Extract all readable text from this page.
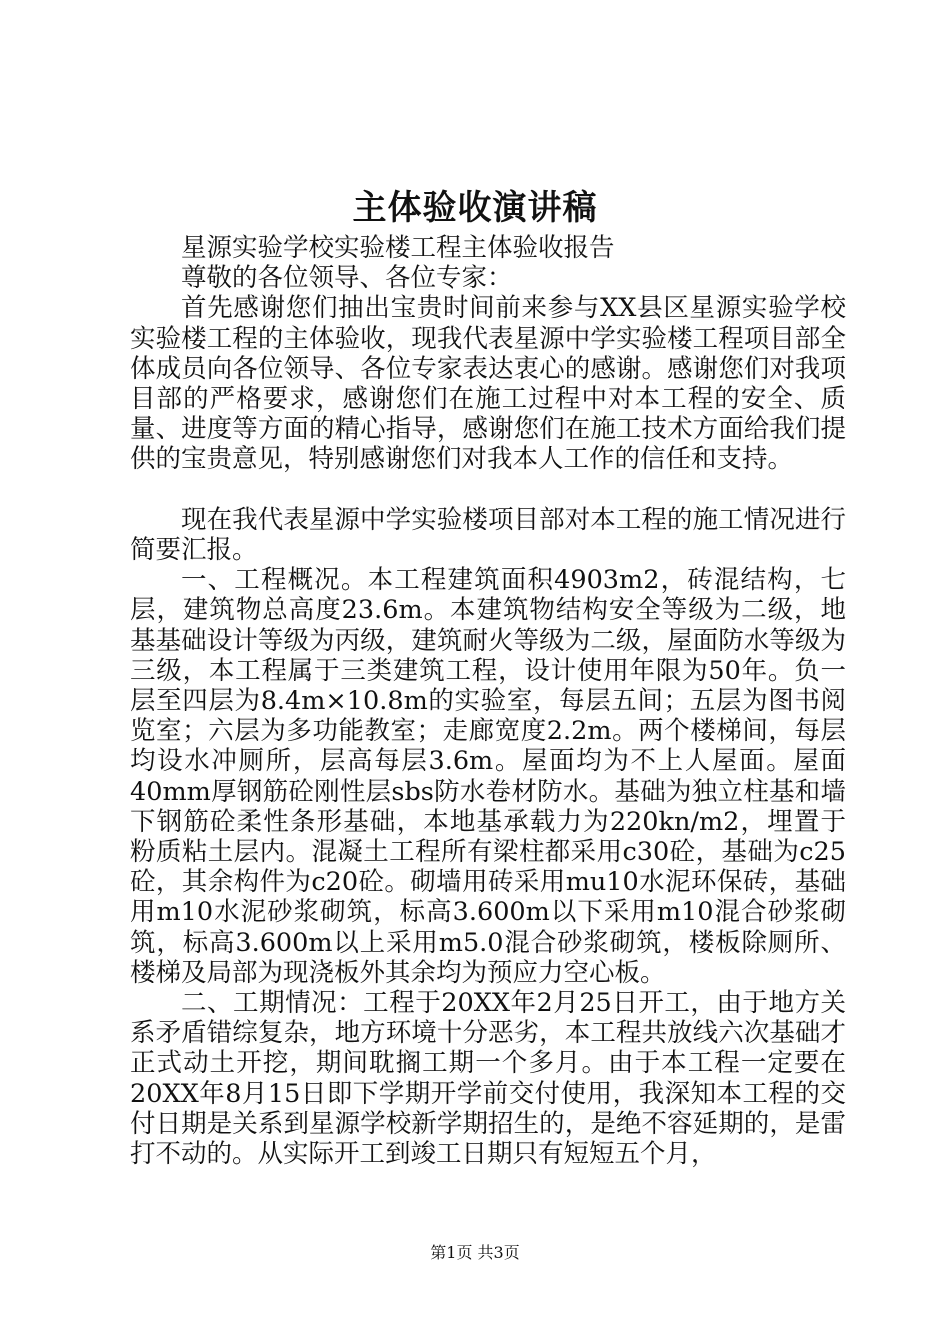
主体验收演讲稿

星源实验学校实验楼工程主体验收报告

尊敬的各位领导、各位专家：

首先感谢您们抽出宝贵时间前来参与XX县区星源实验学校实验楼工程的主体验收，现我代表星源中学实验楼工程项目部全体成员向各位领导、各位专家表达衷心的感谢。感谢您们对我项目部的严格要求，感谢您们在施工过程中对本工程的安全、质量、进度等方面的精心指导，感谢您们在施工技术方面给我们提供的宝贵意见，特别感谢您们对我本人工作的信任和支持。

现在我代表星源中学实验楼项目部对本工程的施工情况进行简要汇报。

一、工程概况。本工程建筑面积4903m2，砖混结构，七层，建筑物总高度23.6m。本建筑物结构安全等级为二级，地基基础设计等级为丙级，建筑耐火等级为二级，屋面防水等级为三级，本工程属于三类建筑工程，设计使用年限为50年。负一层至四层为8.4m×10.8m的实验室，每层五间；五层为图书阅览室；六层为多功能教室；走廊宽度2.2m。两个楼梯间，每层均设水冲厕所，层高每层3.6m。屋面均为不上人屋面。屋面40mm厚钢筋砼刚性层sbs防水卷材防水。基础为独立柱基和墙下钢筋砼柔性条形基础，本地基承载力为220kn/m2，埋置于粉质粘土层内。混凝土工程所有梁柱都采用c30砼，基础为c25砼，其余构件为c20砼。砌墙用砖采用mu10水泥环保砖，基础用m10水泥砂浆砌筑，标高3.600m以下采用m10混合砂浆砌筑，标高3.600m以上采用m5.0混合砂浆砌筑，楼板除厕所、楼梯及局部为现浇板外其余均为预应力空心板。

二、工期情况：工程于20XX年2月25日开工，由于地方关系矛盾错综复杂，地方环境十分恶劣，本工程共放线六次基础才正式动土开挖，期间耽搁工期一个多月。由于本工程一定要在20XX年8月15日即下学期开学前交付使用，我深知本工程的交付日期是关系到星源学校新学期招生的，是绝不容延期的，是雷打不动的。从实际开工到竣工日期只有短短五个月，

第1页 共3页
